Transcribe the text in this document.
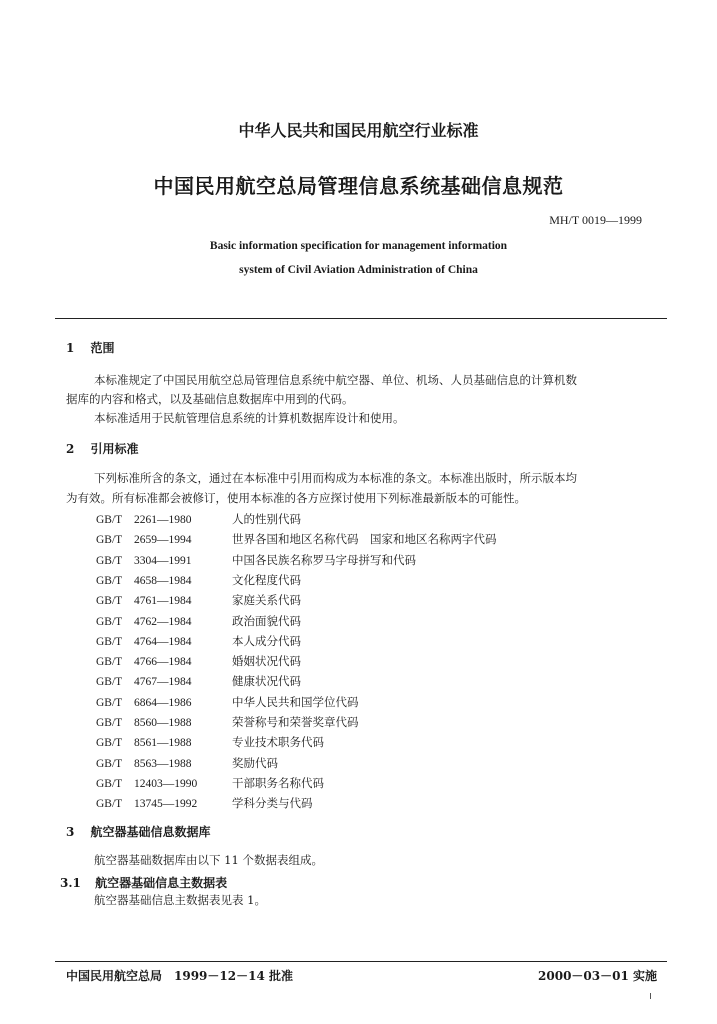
中华人民共和国民用航空行业标准
中国民用航空总局管理信息系统基础信息规范
MH/T 0019—1999
Basic information specification for management information
system of Civil Aviation Administration of China
1 范围
本标准规定了中国民用航空总局管理信息系统中航空器、单位、机场、人员基础信息的计算机数
据库的内容和格式，以及基础信息数据库中用到的代码。
本标准适用于民航管理信息系统的计算机数据库设计和使用。
2 引用标准
下列标准所含的条文，通过在本标准中引用而构成为本标准的条文。本标准出版时，所示版本均
为有效。所有标准都会被修订，使用本标准的各方应探讨使用下列标准最新版本的可能性。
GB/T 2261—1980	人的性别代码
GB/T 2659—1994	世界各国和地区名称代码　国家和地区名称两字代码
GB/T 3304—1991	中国各民族名称罗马字母拼写和代码
GB/T 4658—1984	文化程度代码
GB/T 4761—1984	家庭关系代码
GB/T 4762—1984	政治面貌代码
GB/T 4764—1984	本人成分代码
GB/T 4766—1984	婚姻状况代码
GB/T 4767—1984	健康状况代码
GB/T 6864—1986	中华人民共和国学位代码
GB/T 8560—1988	荣誉称号和荣誉奖章代码
GB/T 8561—1988	专业技术职务代码
GB/T 8563—1988	奖励代码
GB/T 12403—1990	干部职务名称代码
GB/T 13745—1992	学科分类与代码
3 航空器基础信息数据库
航空器基础数据库由以下 11 个数据表组成。
3.1 航空器基础信息主数据表
航空器基础信息主数据表见表 1。
中国民用航空总局　1999－12－14 批准	2000－03－01 实施
